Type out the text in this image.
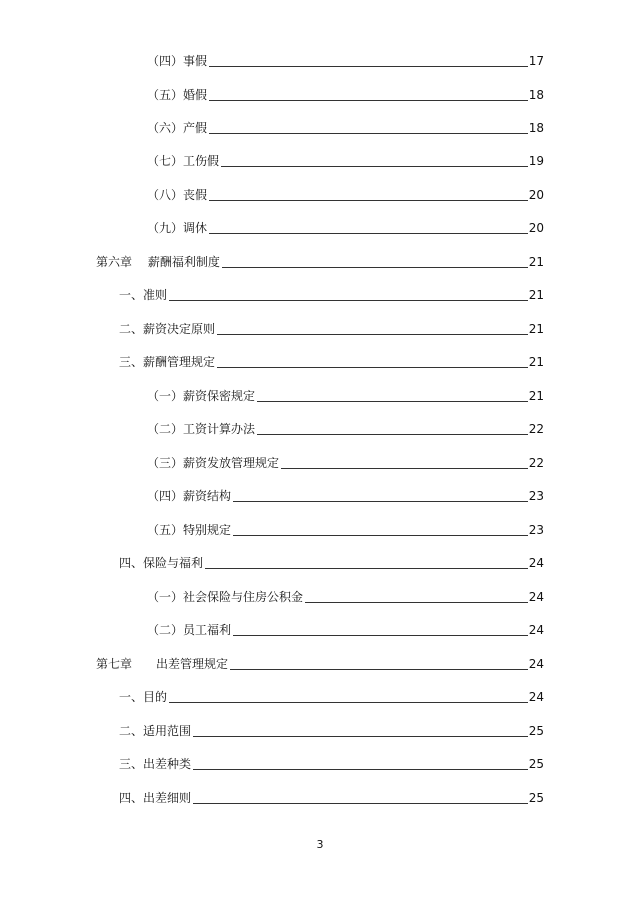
（四）事假	17
（五）婚假	18
（六）产假	18
（七）工伤假	19
（八）丧假	20
（九）调休	20
第六章　 薪酬福利制度	21
一、准则	21
二、薪资决定原则	21
三、薪酬管理规定	21
（一）薪资保密规定	21
（二）工资计算办法	22
（三）薪资发放管理规定	22
（四）薪资结构	23
（五）特别规定	23
四、保险与福利	24
（一）社会保险与住房公积金	24
（二）员工福利	24
第七章　　出差管理规定	24
一、目的	24
二、适用范围	25
三、出差种类	25
四、出差细则	25
3
